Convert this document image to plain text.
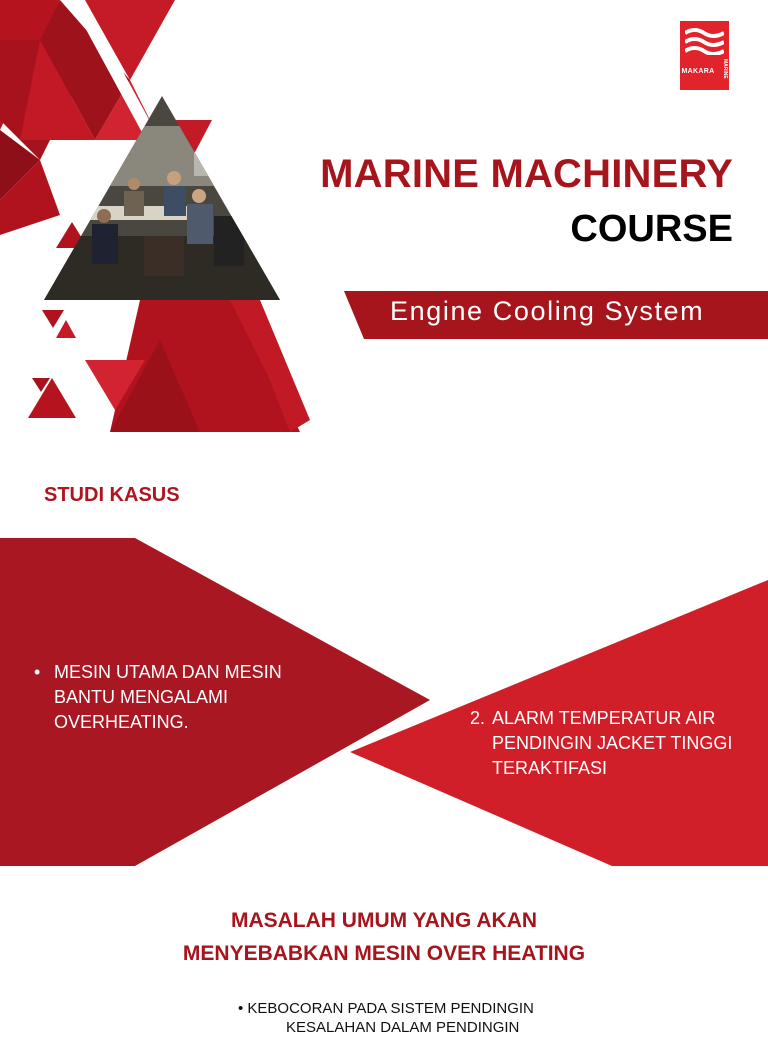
MAKARA	MARINE
MARINE MACHINERY
COURSE
Engine Cooling System
STUDI KASUS
• MESIN UTAMA DAN MESIN BANTU MENGALAMI OVERHEATING.	2. ALARM TEMPERATUR AIR PENDINGIN JACKET TINGGI TERAKTIFASI
MASALAH UMUM YANG AKAN
MENYEBABKAN MESIN OVER HEATING
• KEBOCORAN PADA SISTEM PENDINGIN
KESALAHAN DALAM PENDINGIN
